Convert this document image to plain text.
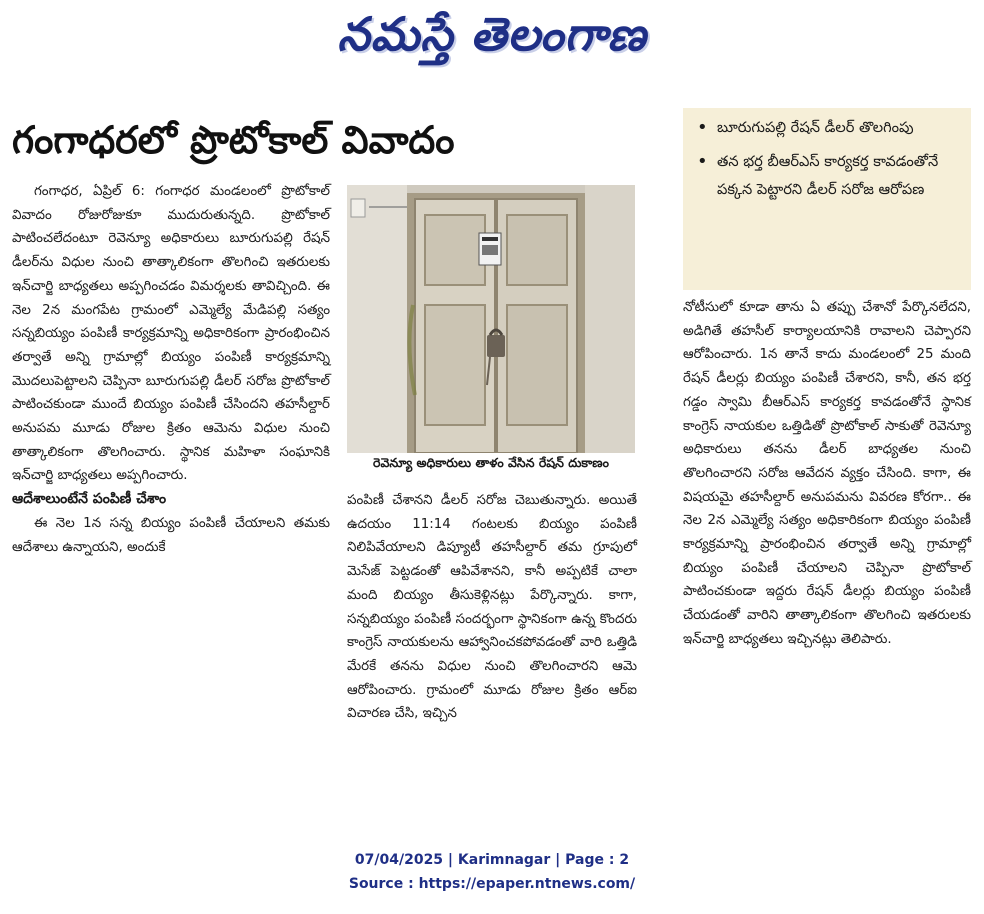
నమస్తే తెలంగాణ
గంగాధరలో ప్రొటోకాల్ వివాదం

గంగాధర, ఏప్రిల్ 6: గంగాధర మండలంలో ప్రొటోకాల్ వివాదం రోజురోజుకూ ముదురుతున్నది. ప్రొటోకాల్ పాటించలేదంటూ రెవెన్యూ అధికారులు బూరుగుపల్లి రేషన్ డీలర్‌ను విధుల నుంచి తాత్కాలికంగా తొలగించి ఇతరులకు ఇన్‌చార్జి బాధ్యతలు అప్పగించడం విమర్శలకు తావిచ్చింది. ఈ నెల 2న మంగపేట గ్రామంలో ఎమ్మెల్యే మేడిపల్లి సత్యం సన్నబియ్యం పంపిణీ కార్యక్రమాన్ని అధికారికంగా ప్రారంభించిన తర్వాతే అన్ని గ్రామాల్లో బియ్యం పంపిణీ కార్యక్రమాన్ని మొదలుపెట్టాలని చెప్పినా బూరుగుపల్లి డీలర్ సరోజ ప్రొటోకాల్ పాటించకుండా ముందే బియ్యం పంపిణీ చేసిందని తహసీల్దార్ అనుపమ మూడు రోజుల క్రితం ఆమెను విధుల నుంచి తాత్కాలికంగా తొలగించారు. స్థానిక మహిళా సంఘానికి ఇన్‌చార్జి బాధ్యతలు అప్పగించారు.

ఆదేశాలుంటేనే పంపిణీ చేశాం

ఈ నెల 1న సన్న బియ్యం పంపిణీ చేయాలని తమకు ఆదేశాలు ఉన్నాయని, అందుకే

రెవెన్యూ అధికారులు తాళం వేసిన రేషన్ దుకాణం

పంపిణీ చేశానని డీలర్ సరోజ చెబుతున్నారు. అయితే ఉదయం 11:14 గంటలకు బియ్యం పంపిణీ నిలిపివేయాలని డిప్యూటీ తహసీల్దార్ తమ గ్రూపులో మెసేజ్ పెట్టడంతో ఆపివేశానని, కానీ అప్పటికే చాలా మంది బియ్యం తీసుకెళ్లినట్లు పేర్కొన్నారు. కాగా, సన్నబియ్యం పంపిణీ సందర్భంగా స్థానికంగా ఉన్న కొందరు కాంగ్రెస్ నాయకులను ఆహ్వానించకపోవడంతో వారి ఒత్తిడి మేరకే తనను విధుల నుంచి తొలగించారని ఆమె ఆరోపించారు. గ్రామంలో మూడు రోజుల క్రితం ఆర్ఐ విచారణ చేసి, ఇచ్చిన

• బూరుగుపల్లి రేషన్ డీలర్ తొలగింపు
• తన భర్త బీఆర్ఎస్ కార్యకర్త కావడంతోనే పక్కన పెట్టారని డీలర్ సరోజ ఆరోపణ

నోటీసులో కూడా తాను ఏ తప్పు చేశానో పేర్కొనలేదని, అడిగితే తహసీల్ కార్యాలయానికి రావాలని చెప్పారని ఆరోపించారు. 1న తానే కాదు మండలంలో 25 మంది రేషన్ డీలర్లు బియ్యం పంపిణీ చేశారని, కానీ, తన భర్త గడ్డం స్వామి బీఆర్ఎస్ కార్యకర్త కావడంతోనే స్థానిక కాంగ్రెస్ నాయకుల ఒత్తిడితో ప్రొటోకాల్ సాకుతో రెవెన్యూ అధికారులు తనను డీలర్ బాధ్యతల నుంచి తొలగించారని సరోజ ఆవేదన వ్యక్తం చేసింది. కాగా, ఈ విషయమై తహసీల్దార్ అనుపమను వివరణ కోరగా.. ఈ నెల 2న ఎమ్మెల్యే సత్యం అధికారికంగా బియ్యం పంపిణీ కార్యక్రమాన్ని ప్రారంభించిన తర్వాతే అన్ని గ్రామాల్లో బియ్యం పంపిణీ చేయాలని చెప్పినా ప్రొటోకాల్ పాటించకుండా ఇద్దరు రేషన్ డీలర్లు బియ్యం పంపిణీ చేయడంతో వారిని తాత్కాలికంగా తొలగించి ఇతరులకు ఇన్‌చార్జి బాధ్యతలు ఇచ్చినట్లు తెలిపారు.

07/04/2025 | Karimnagar | Page : 2
Source : https://epaper.ntnews.com/
